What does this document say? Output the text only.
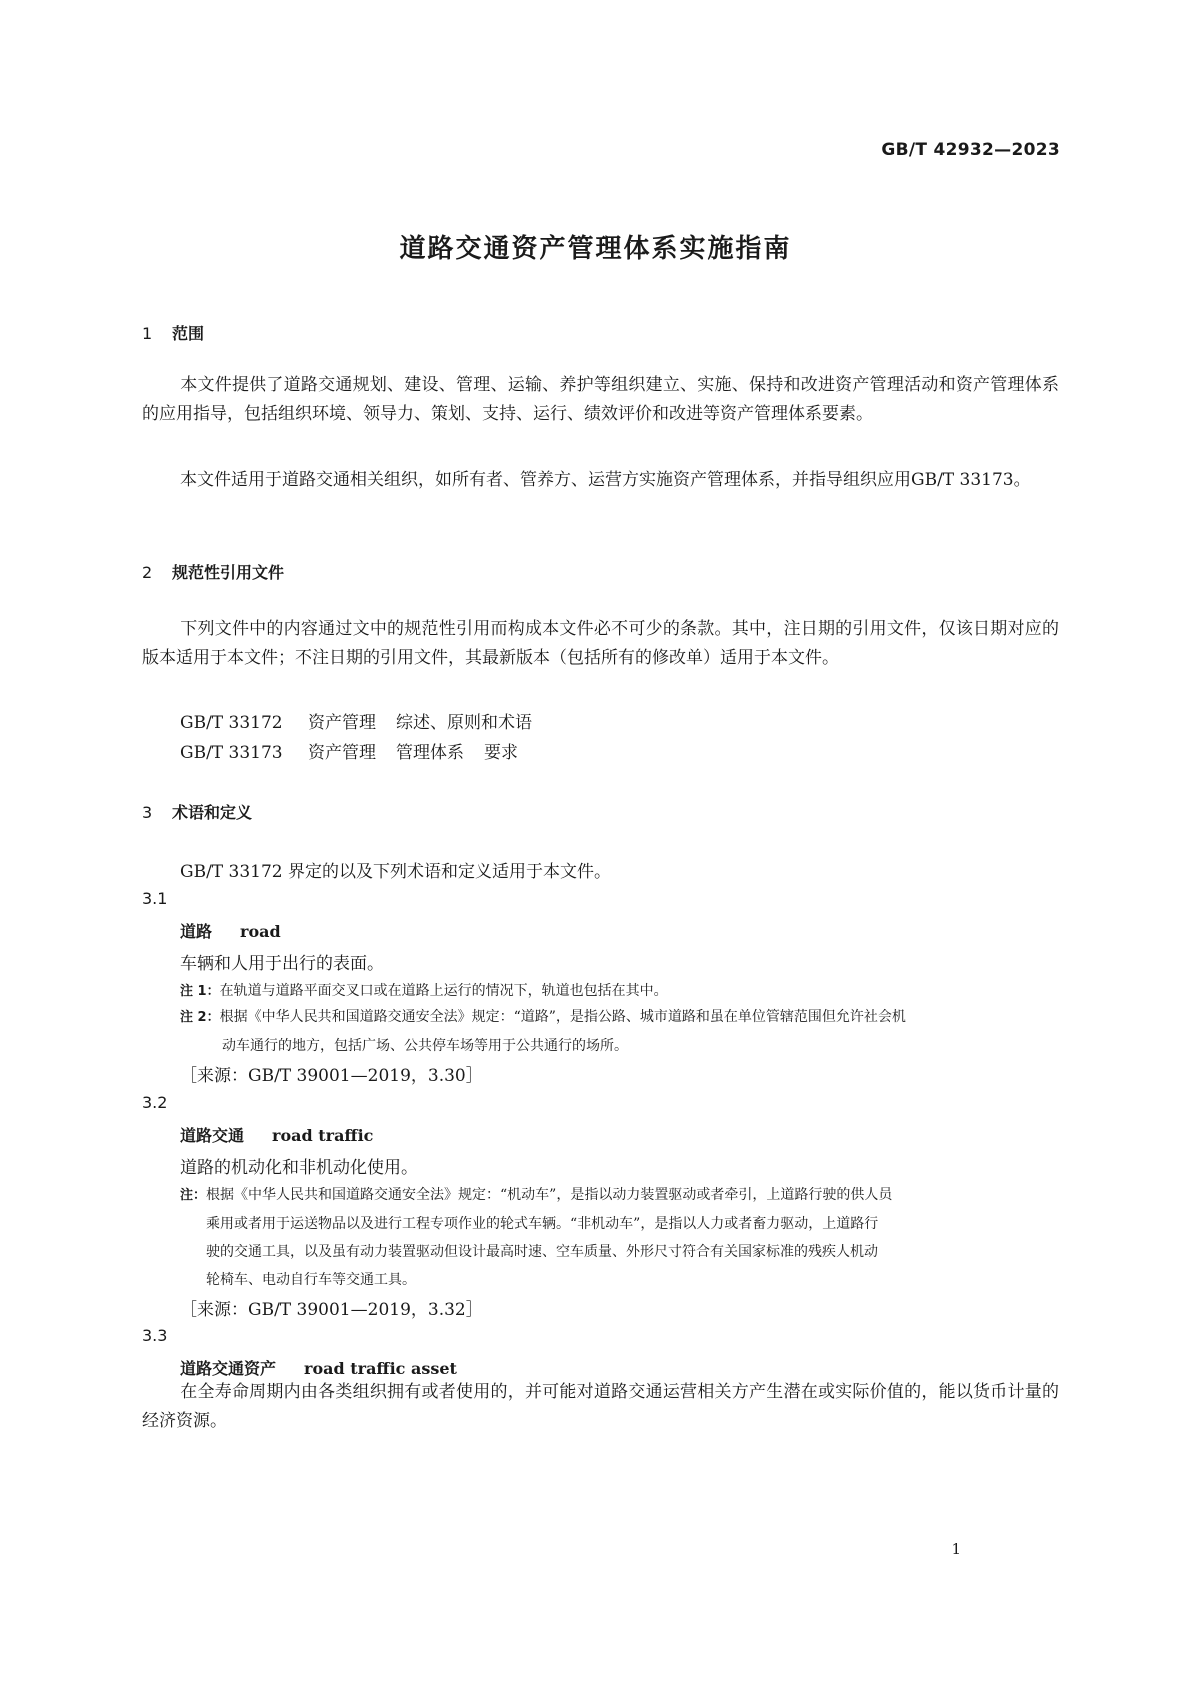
GB/T 42932—2023
道路交通资产管理体系实施指南
1 范围
本文件提供了道路交通规划、建设、管理、运输、养护等组织建立、实施、保持和改进资产管理活动和资产管理体系的应用指导，包括组织环境、领导力、策划、支持、运行、绩效评价和改进等资产管理体系要素。
本文件适用于道路交通相关组织，如所有者、管养方、运营方实施资产管理体系，并指导组织应用GB/T 33173。
2 规范性引用文件
下列文件中的内容通过文中的规范性引用而构成本文件必不可少的条款。其中，注日期的引用文件，仅该日期对应的版本适用于本文件；不注日期的引用文件，其最新版本（包括所有的修改单）适用于本文件。
GB/T 33172 资产管理 综述、原则和术语
GB/T 33173 资产管理 管理体系 要求
3 术语和定义
GB/T 33172 界定的以及下列术语和定义适用于本文件。
3.1
道路 road
车辆和人用于出行的表面。
注 1：在轨道与道路平面交叉口或在道路上运行的情况下，轨道也包括在其中。
注 2：根据《中华人民共和国道路交通安全法》规定：“道路”，是指公路、城市道路和虽在单位管辖范围但允许社会机
动车通行的地方，包括广场、公共停车场等用于公共通行的场所。
［来源：GB/T 39001—2019，3.30］
3.2
道路交通 road traffic
道路的机动化和非机动化使用。
注：根据《中华人民共和国道路交通安全法》规定：“机动车”，是指以动力装置驱动或者牵引，上道路行驶的供人员
乘用或者用于运送物品以及进行工程专项作业的轮式车辆。“非机动车”，是指以人力或者畜力驱动，上道路行
驶的交通工具，以及虽有动力装置驱动但设计最高时速、空车质量、外形尺寸符合有关国家标准的残疾人机动
轮椅车、电动自行车等交通工具。
［来源：GB/T 39001—2019，3.32］
3.3
道路交通资产 road traffic asset
在全寿命周期内由各类组织拥有或者使用的，并可能对道路交通运营相关方产生潜在或实际价值的，能以货币计量的经济资源。
1
